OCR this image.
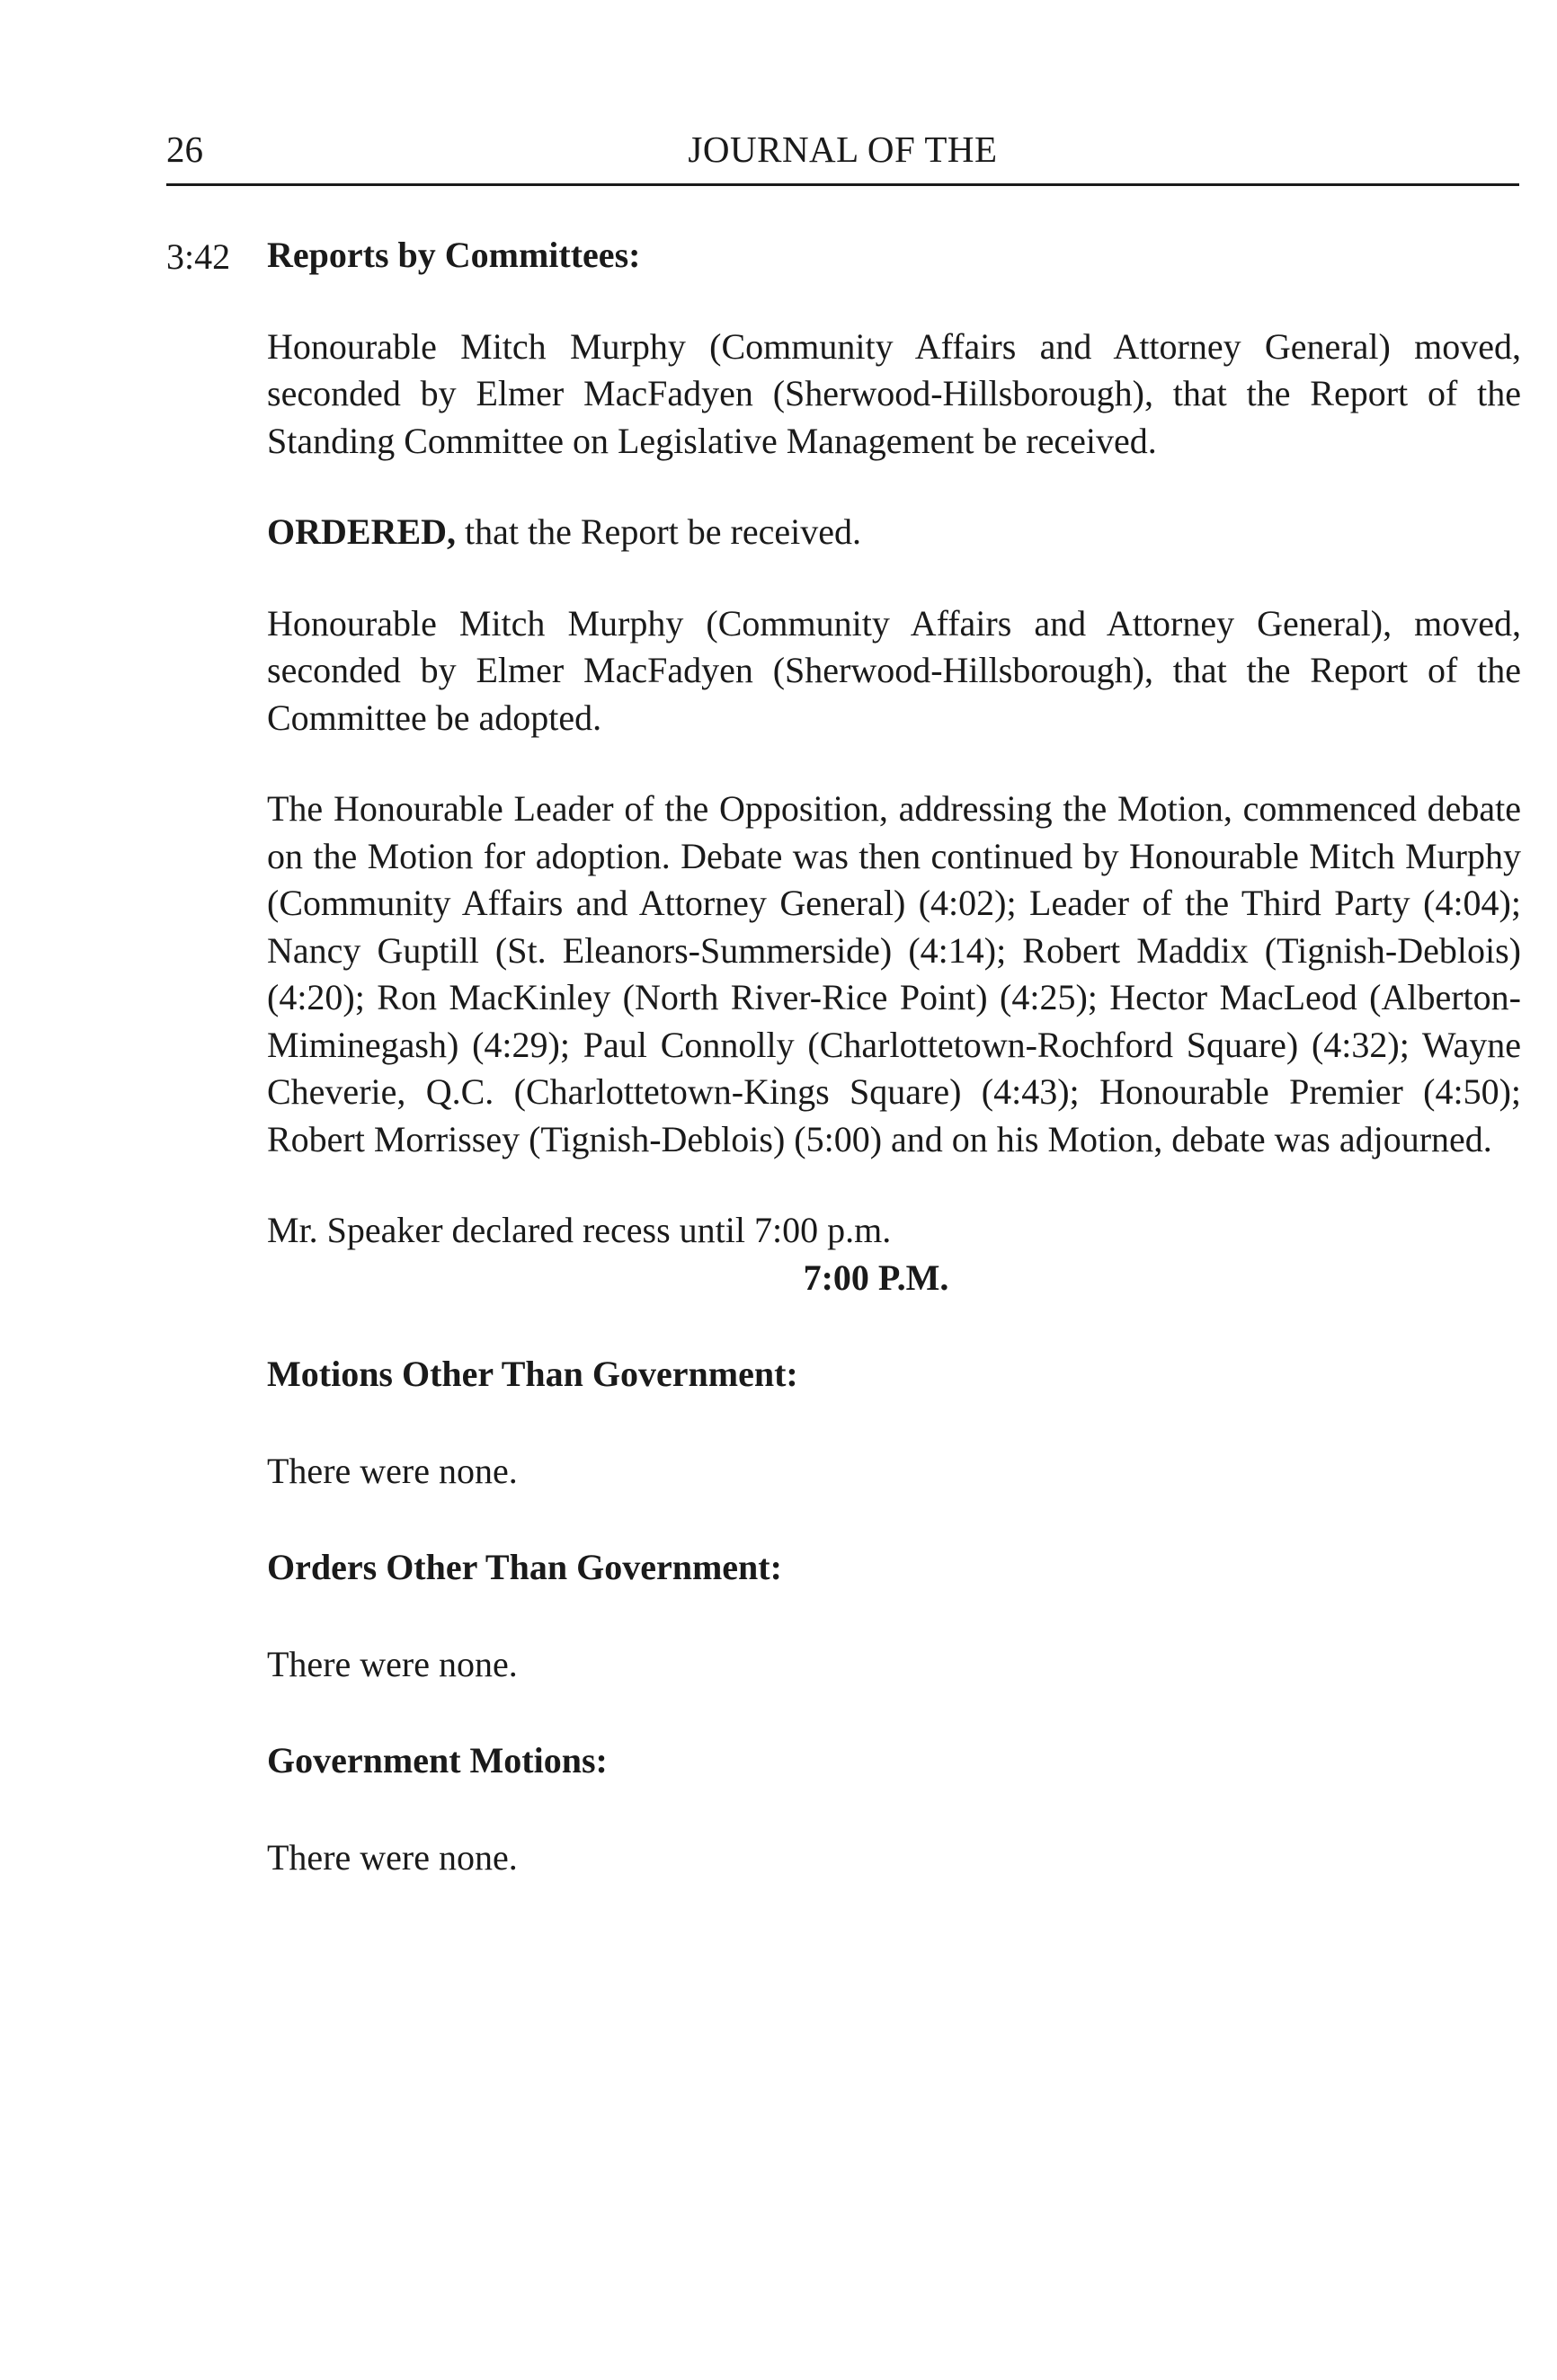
26	JOURNAL OF THE
3:42 Reports by Committees:

Honourable Mitch Murphy (Community Affairs and Attorney General) moved, seconded by Elmer MacFadyen (Sherwood-Hillsborough), that the Report of the Standing Committee on Legislative Management be received.

ORDERED, that the Report be received.

Honourable Mitch Murphy (Community Affairs and Attorney General), moved, seconded by Elmer MacFadyen (Sherwood-Hillsborough), that the Report of the Committee be adopted.

The Honourable Leader of the Opposition, addressing the Motion, commenced debate on the Motion for adoption. Debate was then continued by Honourable Mitch Murphy (Community Affairs and Attorney General) (4:02); Leader of the Third Party (4:04); Nancy Guptill (St. Eleanors-Summerside) (4:14); Robert Maddix (Tignish-Deblois) (4:20); Ron MacKinley (North River-Rice Point) (4:25); Hector MacLeod (Alberton-Miminegash) (4:29); Paul Connolly (Charlottetown-Rochford Square) (4:32); Wayne Cheverie, Q.C. (Charlottetown-Kings Square) (4:43); Honourable Premier (4:50); Robert Morrissey (Tignish-Deblois) (5:00) and on his Motion, debate was adjourned.

Mr. Speaker declared recess until 7:00 p.m.

7:00 P.M.

Motions Other Than Government:

There were none.

Orders Other Than Government:

There were none.

Government Motions:

There were none.
